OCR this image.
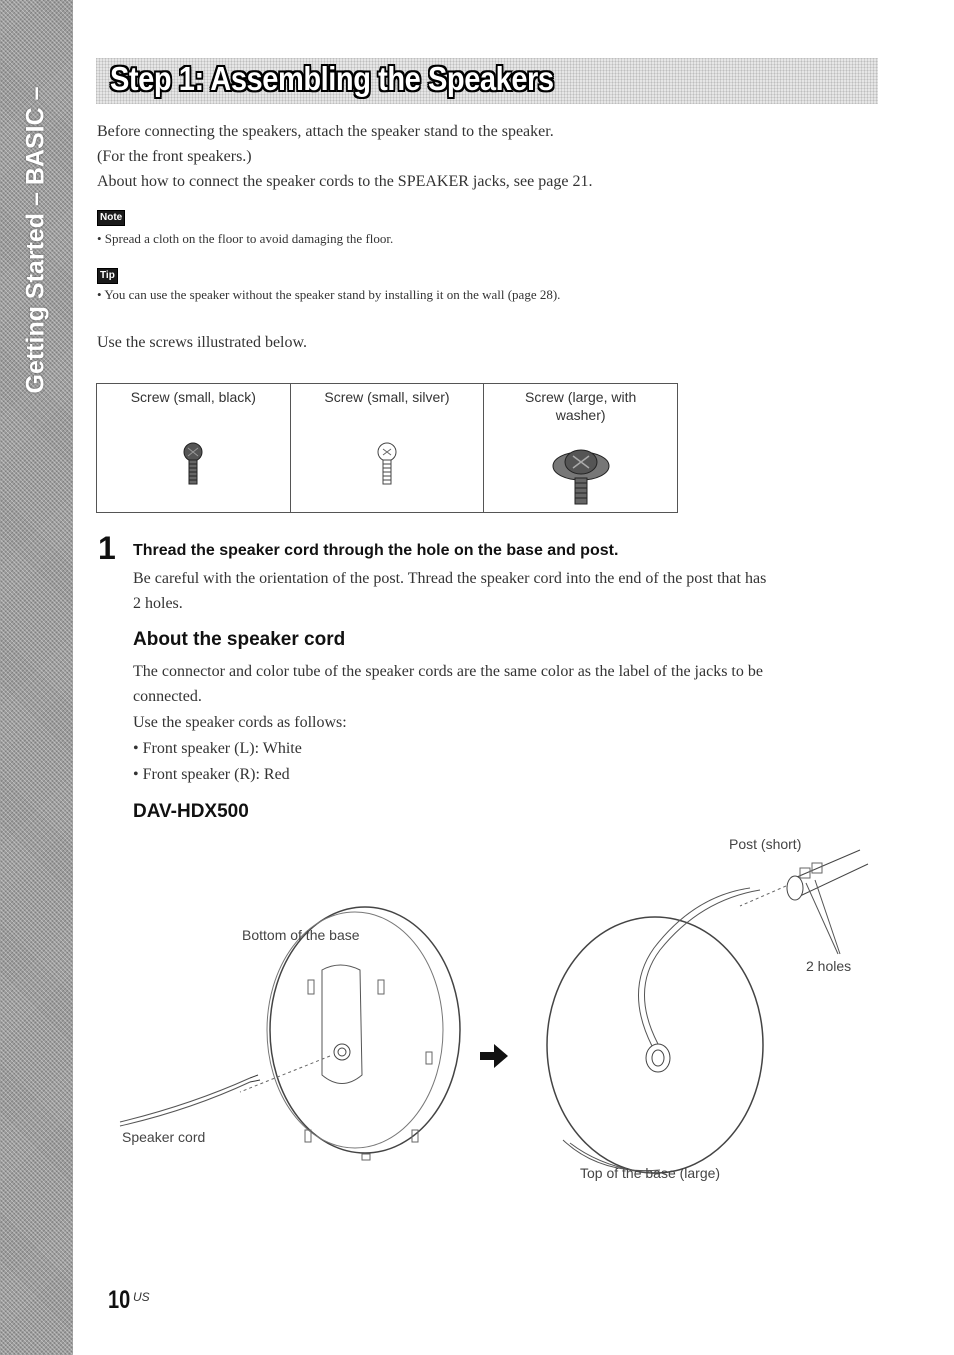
Getting Started – BASIC –
Step 1: Assembling the Speakers
Before connecting the speakers, attach the speaker stand to the speaker.
(For the front speakers.)
About how to connect the speaker cords to the SPEAKER jacks, see page 21.
Note
• Spread a cloth on the floor to avoid damaging the floor.
Tip
• You can use the speaker without the speaker stand by installing it on the wall (page 28).
Use the screws illustrated below.
Screw (small, black)	Screw (small, silver)	Screw (large, with
washer)
1 Thread the speaker cord through the hole on the base and post.
Be careful with the orientation of the post. Thread the speaker cord into the end of the post that has
2 holes.
About the speaker cord
The connector and color tube of the speaker cords are the same color as the label of the jacks to be
connected.
Use the speaker cords as follows:
• Front speaker (L): White
• Front speaker (R): Red
DAV-HDX500
Post (short)
Bottom of the base
2 holes
Speaker cord
Top of the base (large)
10 US
